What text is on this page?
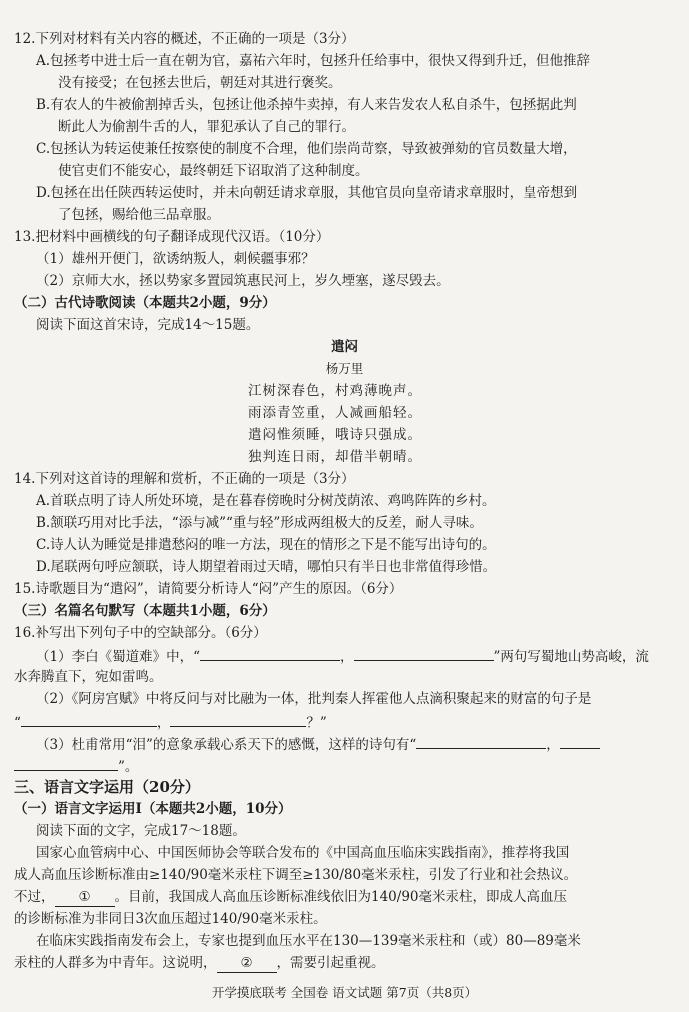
12.下列对材料有关内容的概述，不正确的一项是（3分）
A.包拯考中进士后一直在朝为官，嘉祐六年时，包拯升任给事中，很快又得到升迁，但他推辞
没有接受；在包拯去世后，朝廷对其进行褒奖。
B.有农人的牛被偷割掉舌头，包拯让他杀掉牛卖掉，有人来告发农人私自杀牛，包拯据此判
断此人为偷割牛舌的人，罪犯承认了自己的罪行。
C.包拯认为转运使兼任按察使的制度不合理，他们崇尚苛察，导致被弹劾的官员数量大增，
使官吏们不能安心，最终朝廷下诏取消了这种制度。
D.包拯在出任陕西转运使时，并未向朝廷请求章服，其他官员向皇帝请求章服时，皇帝想到
了包拯，赐给他三品章服。
13.把材料中画横线的句子翻译成现代汉语。（10分）
（1）雄州开便门，欲诱纳叛人，刺候疆事邪？
（2）京师大水，拯以势家多置园筑惠民河上，岁久堙塞，遂尽毁去。
（二）古代诗歌阅读（本题共2小题，9分）
阅读下面这首宋诗，完成14～15题。
遣闷
杨万里
江树深春色，村鸡薄晚声。
雨添青笠重，人减画船轻。
遣闷惟须睡，哦诗只强成。
独判连日雨，却借半朝晴。
14.下列对这首诗的理解和赏析，不正确的一项是（3分）
A.首联点明了诗人所处环境，是在暮春傍晚时分树茂荫浓、鸡鸣阵阵的乡村。
B.颔联巧用对比手法，“添与减”“重与轻”形成两组极大的反差，耐人寻味。
C.诗人认为睡觉是排遣愁闷的唯一方法，现在的情形之下是不能写出诗句的。
D.尾联两句呼应颔联，诗人期望着雨过天晴，哪怕只有半日也非常值得珍惜。
15.诗歌题目为“遣闷”，请简要分析诗人“闷”产生的原因。（6分）
（三）名篇名句默写（本题共1小题，6分）
16.补写出下列句子中的空缺部分。（6分）
（1）李白《蜀道难》中，“	，	”两句写蜀地山势高峻，流
水奔腾直下，宛如雷鸣。
（2）《阿房宫赋》中将反问与对比融为一体，批判秦人挥霍他人点滴积聚起来的财富的句子是
“	，	？”
（3）杜甫常用“泪”的意象承载心系天下的感慨，这样的诗句有“	，
”。
三、语言文字运用（20分）
（一）语言文字运用Ⅰ（本题共2小题，10分）
阅读下面的文字，完成17～18题。
国家心血管病中心、中国医师协会等联合发布的《中国高血压临床实践指南》，推荐将我国
成人高血压诊断标准由≥140/90毫米汞柱下调至≥130/80毫米汞柱，引发了行业和社会热议。
不过， ① 。目前，我国成人高血压诊断标准线依旧为140/90毫米汞柱，即成人高血压
的诊断标准为非同日3次血压超过140/90毫米汞柱。
在临床实践指南发布会上，专家也提到血压水平在130—139毫米汞柱和（或）80—89毫米
汞柱的人群多为中青年。这说明， ② ，需要引起重视。
开学摸底联考 全国卷 语文试题 第7页（共8页）
